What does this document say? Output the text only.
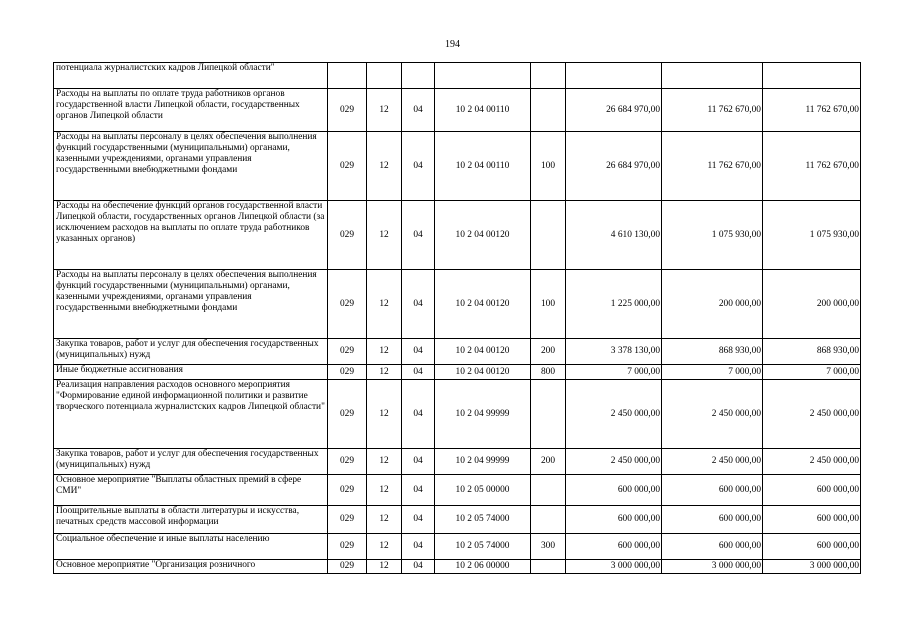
194
потенциала журналистских кадров Липецкой области"								
Расходы на выплаты по оплате труда работников органов государственной власти Липецкой области, государственных органов Липецкой области	029	12	04	10 2 04 00110		26 684 970,00	11 762 670,00	11 762 670,00
Расходы на выплаты персоналу в целях обеспечения выполнения функций государственными (муниципальными) органами, казенными учреждениями, органами управления государственными внебюджетными фондами	029	12	04	10 2 04 00110	100	26 684 970,00	11 762 670,00	11 762 670,00
Расходы на обеспечение функций органов государственной власти Липецкой области, государственных органов Липецкой области (за исключением расходов на выплаты по оплате труда работников указанных органов)	029	12	04	10 2 04 00120		4 610 130,00	1 075 930,00	1 075 930,00
Расходы на выплаты персоналу в целях обеспечения выполнения функций государственными (муниципальными) органами, казенными учреждениями, органами управления государственными внебюджетными фондами	029	12	04	10 2 04 00120	100	1 225 000,00	200 000,00	200 000,00
Закупка товаров, работ и услуг для обеспечения государственных (муниципальных) нужд	029	12	04	10 2 04 00120	200	3 378 130,00	868 930,00	868 930,00
Иные бюджетные ассигнования	029	12	04	10 2 04 00120	800	7 000,00	7 000,00	7 000,00
Реализация направления расходов основного мероприятия "Формирование единой информационной политики и развитие творческого потенциала журналистских кадров Липецкой области"	029	12	04	10 2 04 99999		2 450 000,00	2 450 000,00	2 450 000,00
Закупка товаров, работ и услуг для обеспечения государственных (муниципальных) нужд	029	12	04	10 2 04 99999	200	2 450 000,00	2 450 000,00	2 450 000,00
Основное мероприятие "Выплаты областных премий в сфере СМИ"	029	12	04	10 2 05 00000		600 000,00	600 000,00	600 000,00
Поощрительные выплаты в области литературы и искусства, печатных средств массовой информации	029	12	04	10 2 05 74000		600 000,00	600 000,00	600 000,00
Социальное обеспечение и иные выплаты населению	029	12	04	10 2 05 74000	300	600 000,00	600 000,00	600 000,00
Основное мероприятие "Организация розничного	029	12	04	10 2 06 00000		3 000 000,00	3 000 000,00	3 000 000,00
